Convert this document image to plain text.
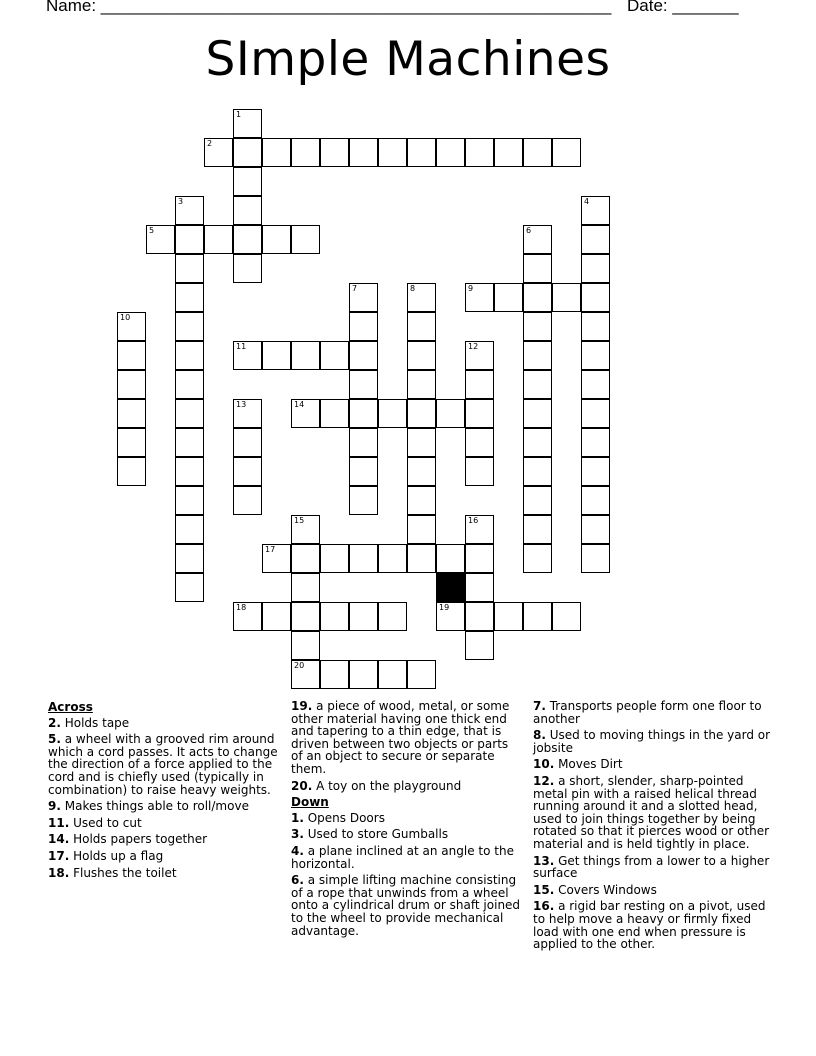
Name: ______________________________________________________ Date: _______
SImple Machines
1
2
3
5
4
6
7	8	9
10
11	12
13	14
15	16
17
18	19
20
Across
2. Holds tape
5. a wheel with a grooved rim around which a cord passes. It acts to change the direction of a force applied to the cord and is chiefly used (typically in combination) to raise heavy weights.
9. Makes things able to roll/move
11. Used to cut
14. Holds papers together
17. Holds up a flag
18. Flushes the toilet
19. a piece of wood, metal, or some other material having one thick end and tapering to a thin edge, that is driven between two objects or parts of an object to secure or separate them.
20. A toy on the playground
Down
1. Opens Doors
3. Used to store Gumballs
4. a plane inclined at an angle to the horizontal.
6. a simple lifting machine consisting of a rope that unwinds from a wheel onto a cylindrical drum or shaft joined to the wheel to provide mechanical advantage.
7. Transports people form one floor to another
8. Used to moving things in the yard or jobsite
10. Moves Dirt
12. a short, slender, sharp-pointed metal pin with a raised helical thread running around it and a slotted head, used to join things together by being rotated so that it pierces wood or other material and is held tightly in place.
13. Get things from a lower to a higher surface
15. Covers Windows
16. a rigid bar resting on a pivot, used to help move a heavy or firmly fixed load with one end when pressure is applied to the other.
